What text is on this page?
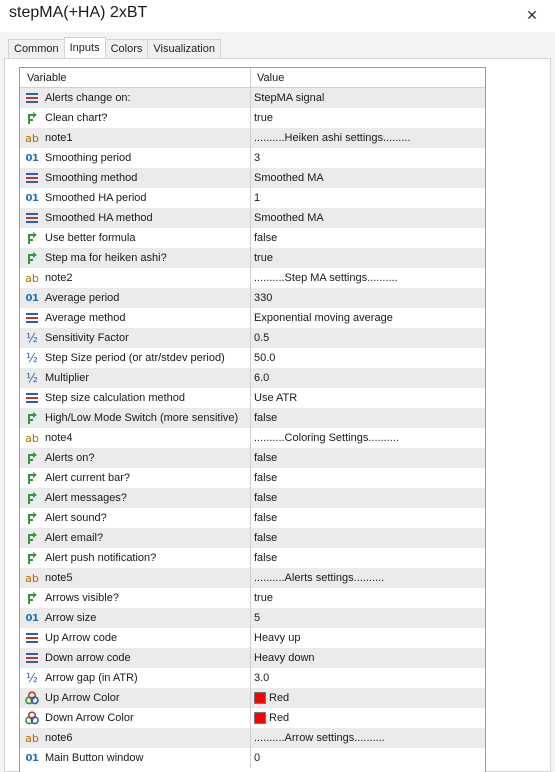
stepMA(+HA) 2xBT	✕
Common	Inputs	Colors	Visualization
Variable	Value
Alerts change on:	StepMA signal
Clean chart?	true
ab note1	..........Heiken ashi settings.........
01 Smoothing period	3
Smoothing method	Smoothed MA
01 Smoothed HA period	1
Smoothed HA method	Smoothed MA
Use better formula	false
Step ma for heiken ashi?	true
ab note2	..........Step MA settings..........
01 Average period	330
Average method	Exponential moving average
½ Sensitivity Factor	0.5
½ Step Size period (or atr/stdev period)	50.0
½ Multiplier	6.0
Step size calculation method	Use ATR
High/Low Mode Switch (more sensitive) false
ab note4	..........Coloring Settings..........
Alerts on?	false
Alert current bar?	false
Alert messages?	false
Alert sound?	false
Alert email?	false
Alert push notification?	false
ab note5	..........Alerts settings..........
Arrows visible?	true
01 Arrow size	5
Up Arrow code	Heavy up
Down arrow code	Heavy down
½ Arrow gap (in ATR)	3.0
Up Arrow Color	Red
Down Arrow Color	Red
ab note6	..........Arrow settings..........
01 Main Button window	0
